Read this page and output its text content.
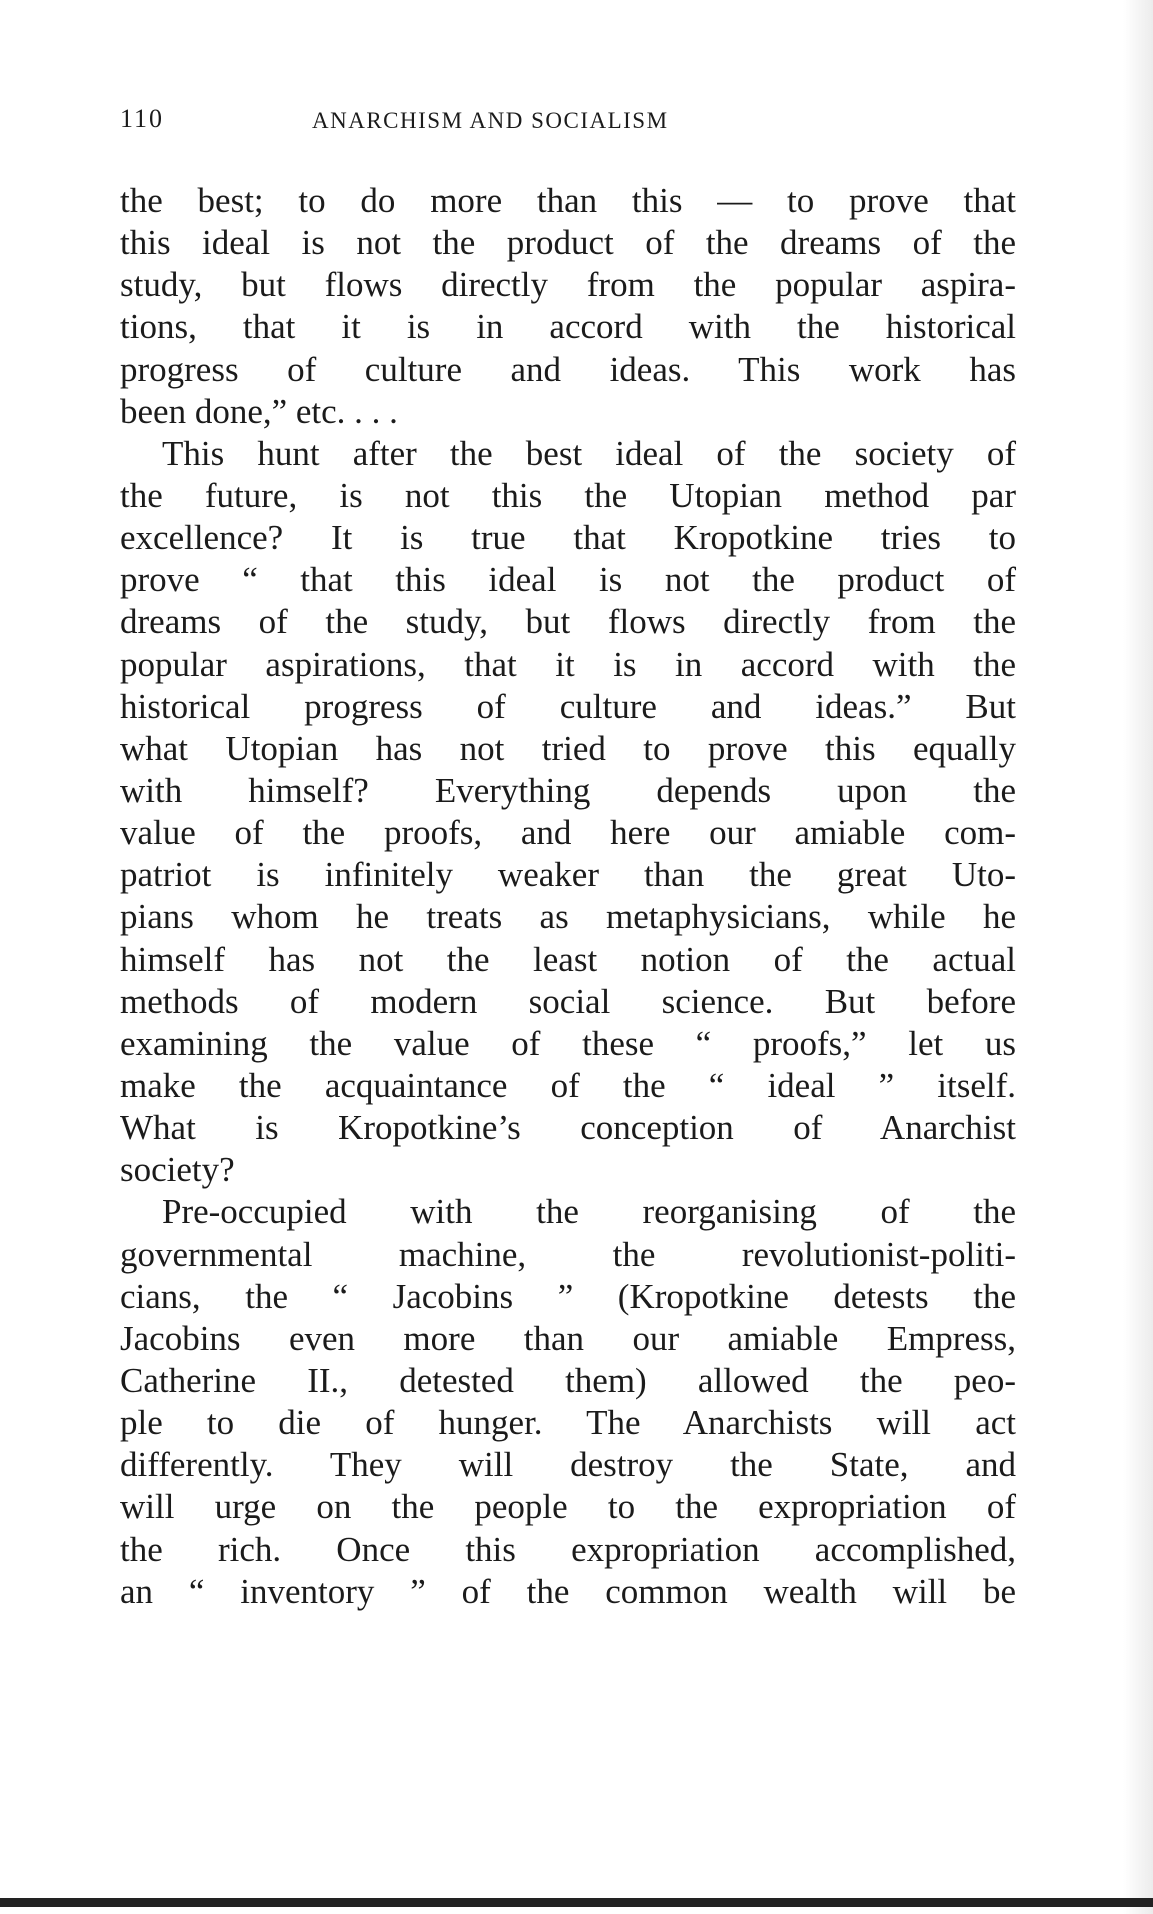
110	ANARCHISM AND SOCIALISM
the best; to do more than this — to prove that
this ideal is not the product of the dreams of the
study, but flows directly from the popular aspira-
tions, that it is in accord with the historical
progress of culture and ideas. This work has
been done,” etc. . . .
This hunt after the best ideal of the society of
the future, is not this the Utopian method par
excellence? It is true that Kropotkine tries to
prove “ that this ideal is not the product of
dreams of the study, but flows directly from the
popular aspirations, that it is in accord with the
historical progress of culture and ideas.” But
what Utopian has not tried to prove this equally
with himself? Everything depends upon the
value of the proofs, and here our amiable com-
patriot is infinitely weaker than the great Uto-
pians whom he treats as metaphysicians, while he
himself has not the least notion of the actual
methods of modern social science. But before
examining the value of these “ proofs,” let us
make the acquaintance of the “ ideal ” itself.
What is Kropotkine’s conception of Anarchist
society?
Pre-occupied with the reorganising of the
governmental machine, the revolutionist-politi-
cians, the “ Jacobins ” (Kropotkine detests the
Jacobins even more than our amiable Empress,
Catherine II., detested them) allowed the peo-
ple to die of hunger. The Anarchists will act
differently. They will destroy the State, and
will urge on the people to the expropriation of
the rich. Once this expropriation accomplished,
an “ inventory ” of the common wealth will be
